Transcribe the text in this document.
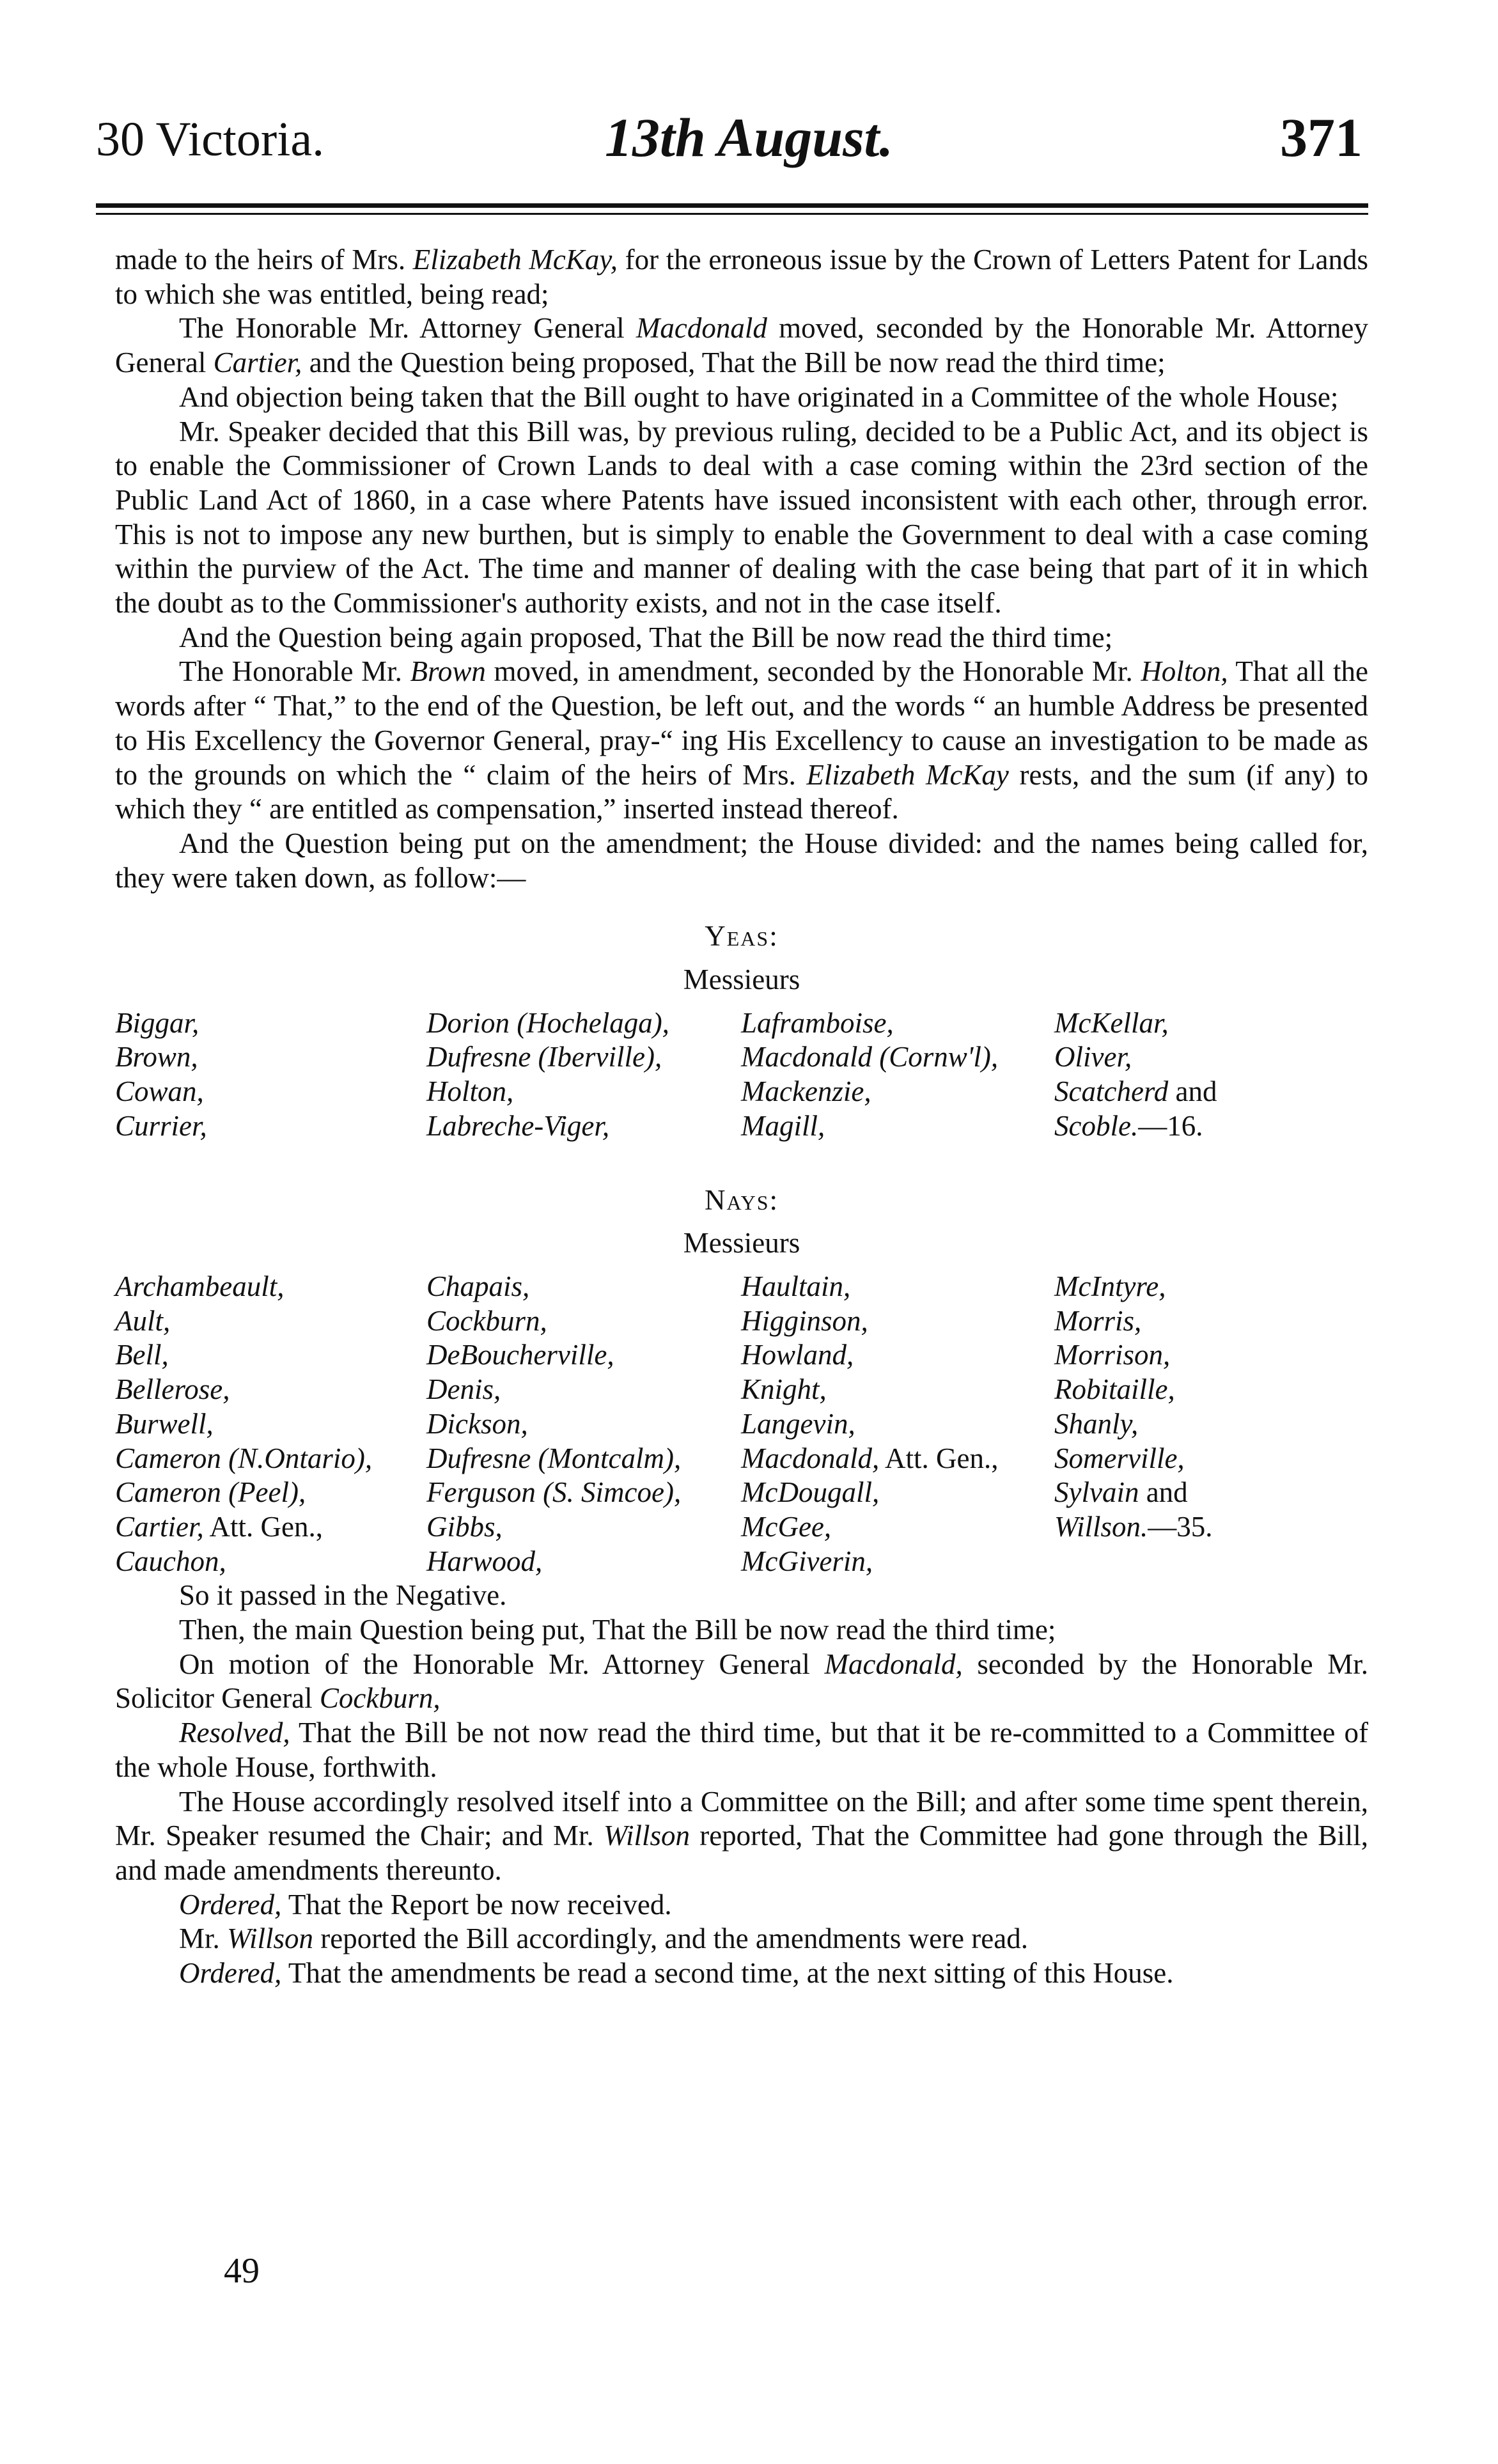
30 Victoria.	13th August.	371

made to the heirs of Mrs. Elizabeth McKay, for the erroneous issue by the Crown of Letters Patent for Lands to which she was entitled, being read;

The Honorable Mr. Attorney General Macdonald moved, seconded by the Honorable Mr. Attorney General Cartier, and the Question being proposed, That the Bill be now read the third time;

And objection being taken that the Bill ought to have originated in a Committee of the whole House;

Mr. Speaker decided that this Bill was, by previous ruling, decided to be a Public Act, and its object is to enable the Commissioner of Crown Lands to deal with a case coming within the 23rd section of the Public Land Act of 1860, in a case where Patents have issued inconsistent with each other, through error. This is not to impose any new burthen, but is simply to enable the Government to deal with a case coming within the purview of the Act. The time and manner of dealing with the case being that part of it in which the doubt as to the Commissioner's authority exists, and not in the case itself.

And the Question being again proposed, That the Bill be now read the third time;

The Honorable Mr. Brown moved, in amendment, seconded by the Honorable Mr. Holton, That all the words after “ That,” to the end of the Question, be left out, and the words “ an humble Address be presented to His Excellency the Governor General, pray-“ ing His Excellency to cause an investigation to be made as to the grounds on which the “ claim of the heirs of Mrs. Elizabeth McKay rests, and the sum (if any) to which they “ are entitled as compensation,” inserted instead thereof.

And the Question being put on the amendment; the House divided: and the names being called for, they were taken down, as follow:—

Yeas:

Messieurs

Biggar,	Dorion (Hochelaga),	Laframboise,	McKellar,
Brown,	Dufresne (Iberville),	Macdonald (Cornw'l),	Oliver,
Cowan,	Holton,	Mackenzie,	Scatcherd and
Currier,	Labreche-Viger,	Magill,	Scoble.—16.

Nays:

Messieurs

Archambeault,	Chapais,	Haultain,	McIntyre,
Ault,	Cockburn,	Higginson,	Morris,
Bell,	DeBoucherville,	Howland,	Morrison,
Bellerose,	Denis,	Knight,	Robitaille,
Burwell,	Dickson,	Langevin,	Shanly,
Cameron (N.Ontario),	Dufresne (Montcalm),	Macdonald, Att. Gen.,	Somerville,
Cameron (Peel),	Ferguson (S. Simcoe),	McDougall,	Sylvain and
Cartier, Att. Gen.,	Gibbs,	McGee,	Willson.—35.
Cauchon,	Harwood,	McGiverin,

So it passed in the Negative.

Then, the main Question being put, That the Bill be now read the third time;

On motion of the Honorable Mr. Attorney General Macdonald, seconded by the Honorable Mr. Solicitor General Cockburn,

Resolved, That the Bill be not now read the third time, but that it be re-committed to a Committee of the whole House, forthwith.

The House accordingly resolved itself into a Committee on the Bill; and after some time spent therein, Mr. Speaker resumed the Chair; and Mr. Willson reported, That the Committee had gone through the Bill, and made amendments thereunto.

Ordered, That the Report be now received.

Mr. Willson reported the Bill accordingly, and the amendments were read.

Ordered, That the amendments be read a second time, at the next sitting of this House.

49
